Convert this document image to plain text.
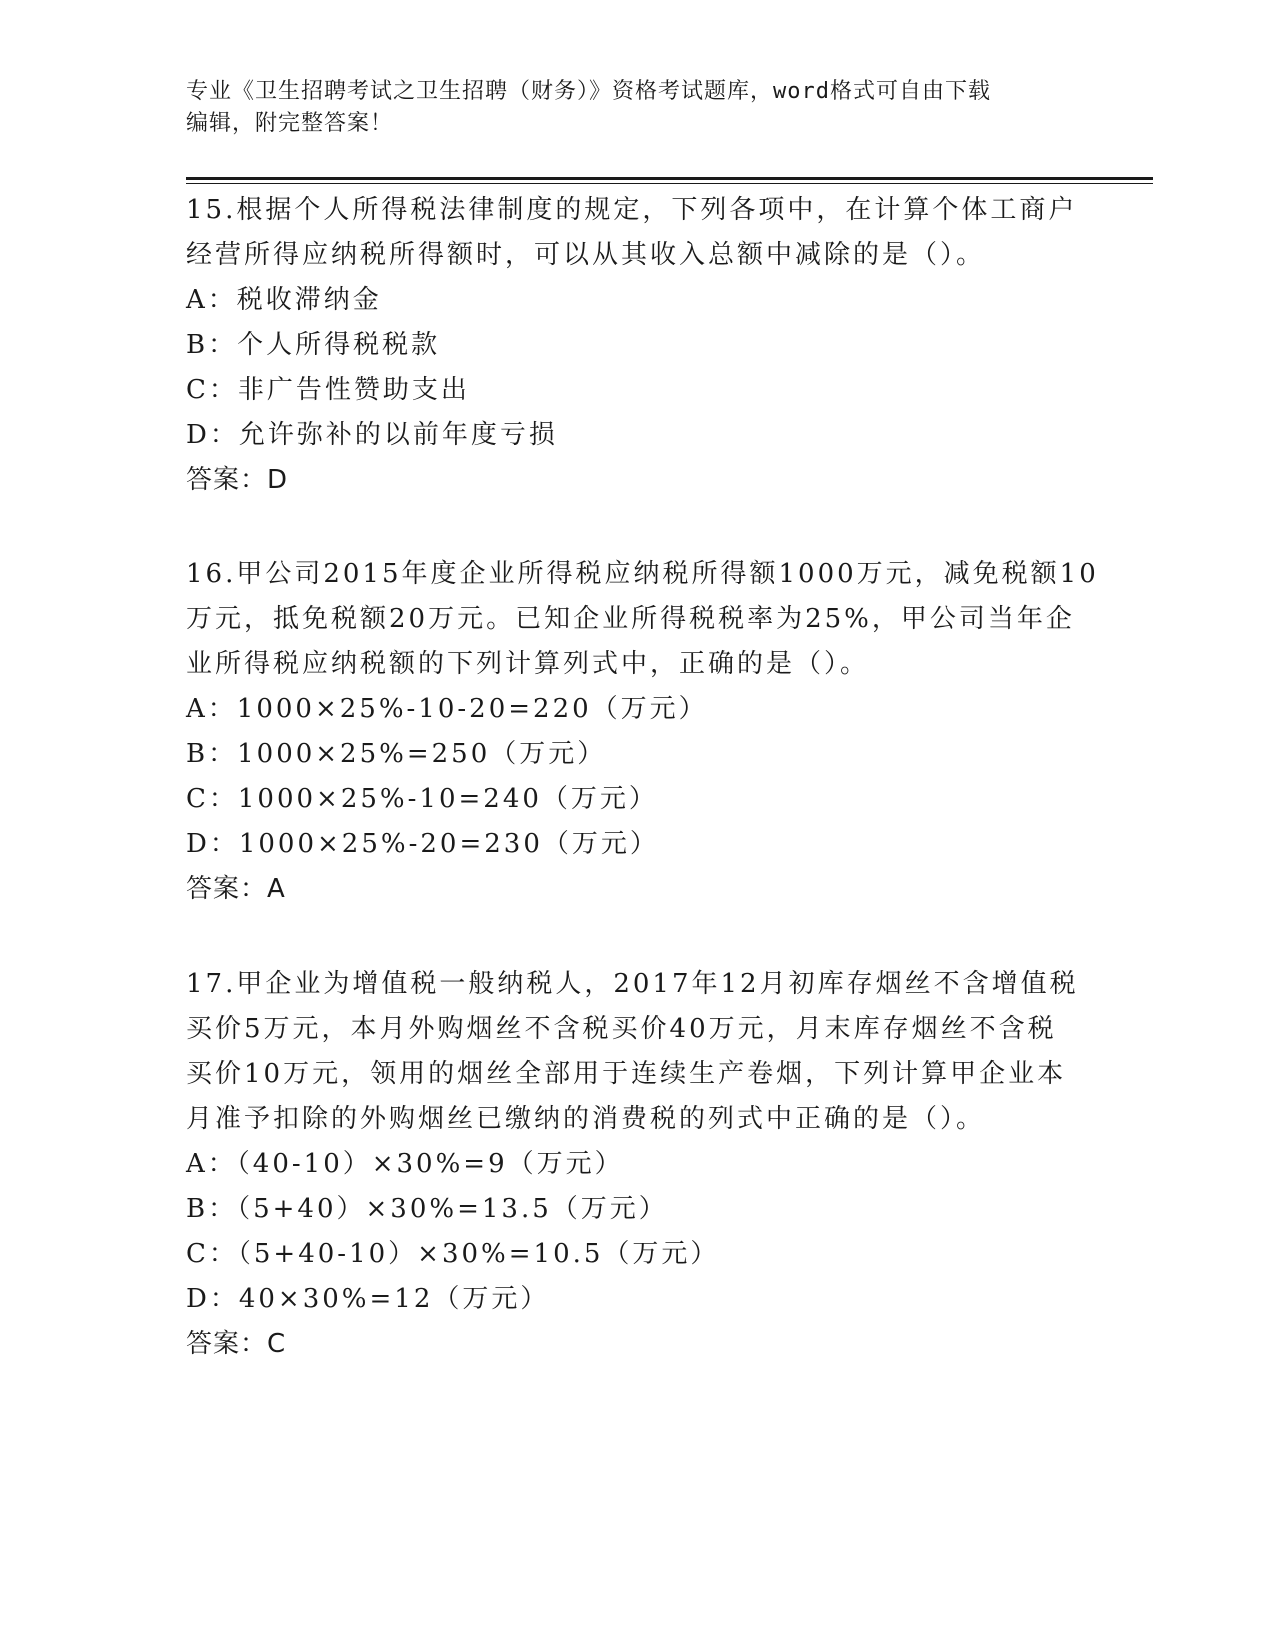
专业《卫生招聘考试之卫生招聘（财务）》资格考试题库，word格式可自由下载
编辑，附完整答案！
15.根据个人所得税法律制度的规定，下列各项中，在计算个体工商户
经营所得应纳税所得额时，可以从其收入总额中减除的是（）。
A：税收滞纳金
B：个人所得税税款
C：非广告性赞助支出
D：允许弥补的以前年度亏损
答案：D
16.甲公司2015年度企业所得税应纳税所得额1000万元，减免税额10
万元，抵免税额20万元。已知企业所得税税率为25%，甲公司当年企
业所得税应纳税额的下列计算列式中，正确的是（）。
A：1000×25%-10-20=220（万元）
B：1000×25%=250（万元）
C：1000×25%-10=240（万元）
D：1000×25%-20=230（万元）
答案：A
17.甲企业为增值税一般纳税人，2017年12月初库存烟丝不含增值税
买价5万元，本月外购烟丝不含税买价40万元，月末库存烟丝不含税
买价10万元，领用的烟丝全部用于连续生产卷烟，下列计算甲企业本
月准予扣除的外购烟丝已缴纳的消费税的列式中正确的是（）。
A：（40-10）×30%=9（万元）
B：（5+40）×30%=13.5（万元）
C：（5+40-10）×30%=10.5（万元）
D：40×30%=12（万元）
答案：C
